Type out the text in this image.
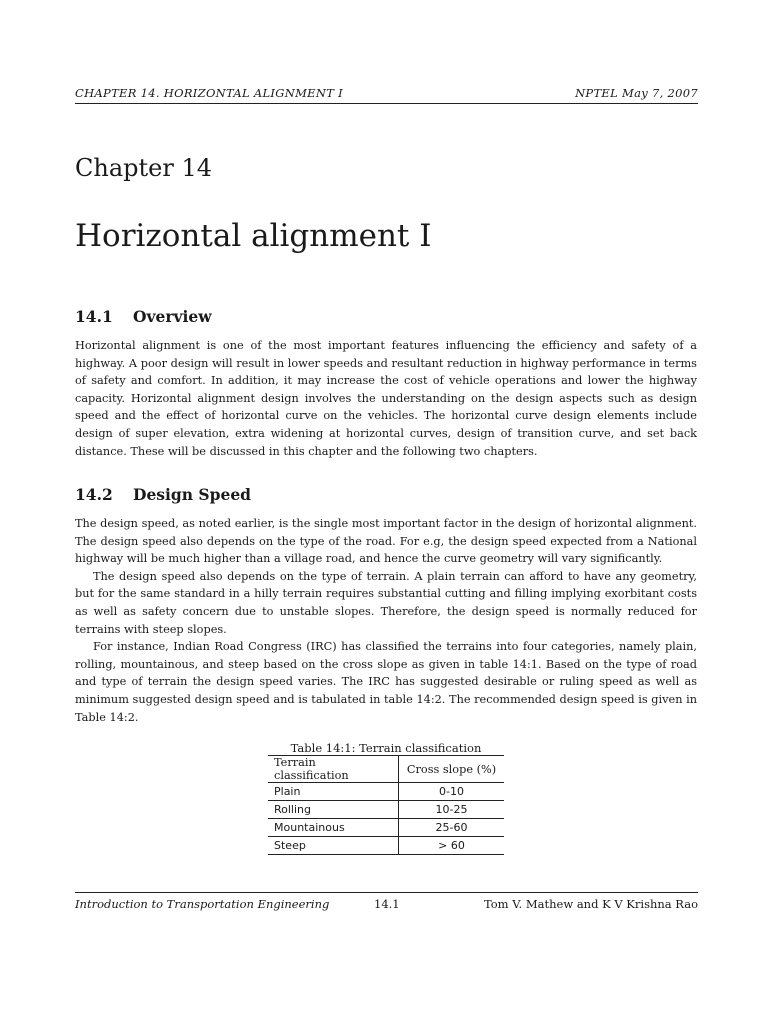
CHAPTER 14. HORIZONTAL ALIGNMENT I	NPTEL May 7, 2007
Chapter 14
Horizontal alignment I
14.1 Overview

Horizontal alignment is one of the most important features influencing the efficiency and safety of a highway. A poor design will result in lower speeds and resultant reduction in highway performance in terms of safety and comfort. In addition, it may increase the cost of vehicle operations and lower the highway capacity. Horizontal alignment design involves the understanding on the design aspects such as design speed and the effect of horizontal curve on the vehicles. The horizontal curve design elements include design of super elevation, extra widening at horizontal curves, design of transition curve, and set back distance. These will be discussed in this chapter and the following two chapters.

14.2 Design Speed

The design speed, as noted earlier, is the single most important factor in the design of horizontal alignment. The design speed also depends on the type of the road. For e.g, the design speed expected from a National highway will be much higher than a village road, and hence the curve geometry will vary significantly.

The design speed also depends on the type of terrain. A plain terrain can afford to have any geometry, but for the same standard in a hilly terrain requires substantial cutting and filling implying exorbitant costs as well as safety concern due to unstable slopes. Therefore, the design speed is normally reduced for terrains with steep slopes.

For instance, Indian Road Congress (IRC) has classified the terrains into four categories, namely plain, rolling, mountainous, and steep based on the cross slope as given in table 14:1. Based on the type of road and type of terrain the design speed varies. The IRC has suggested desirable or ruling speed as well as minimum suggested design speed and is tabulated in table 14:2. The recommended design speed is given in Table 14:2.

Table 14:1: Terrain classification
Terrain classification	Cross slope (%)
Plain	0-10
Rolling	10-25
Mountainous	25-60
Steep	> 60
Introduction to Transportation Engineering	14.1	Tom V. Mathew and K V Krishna Rao
